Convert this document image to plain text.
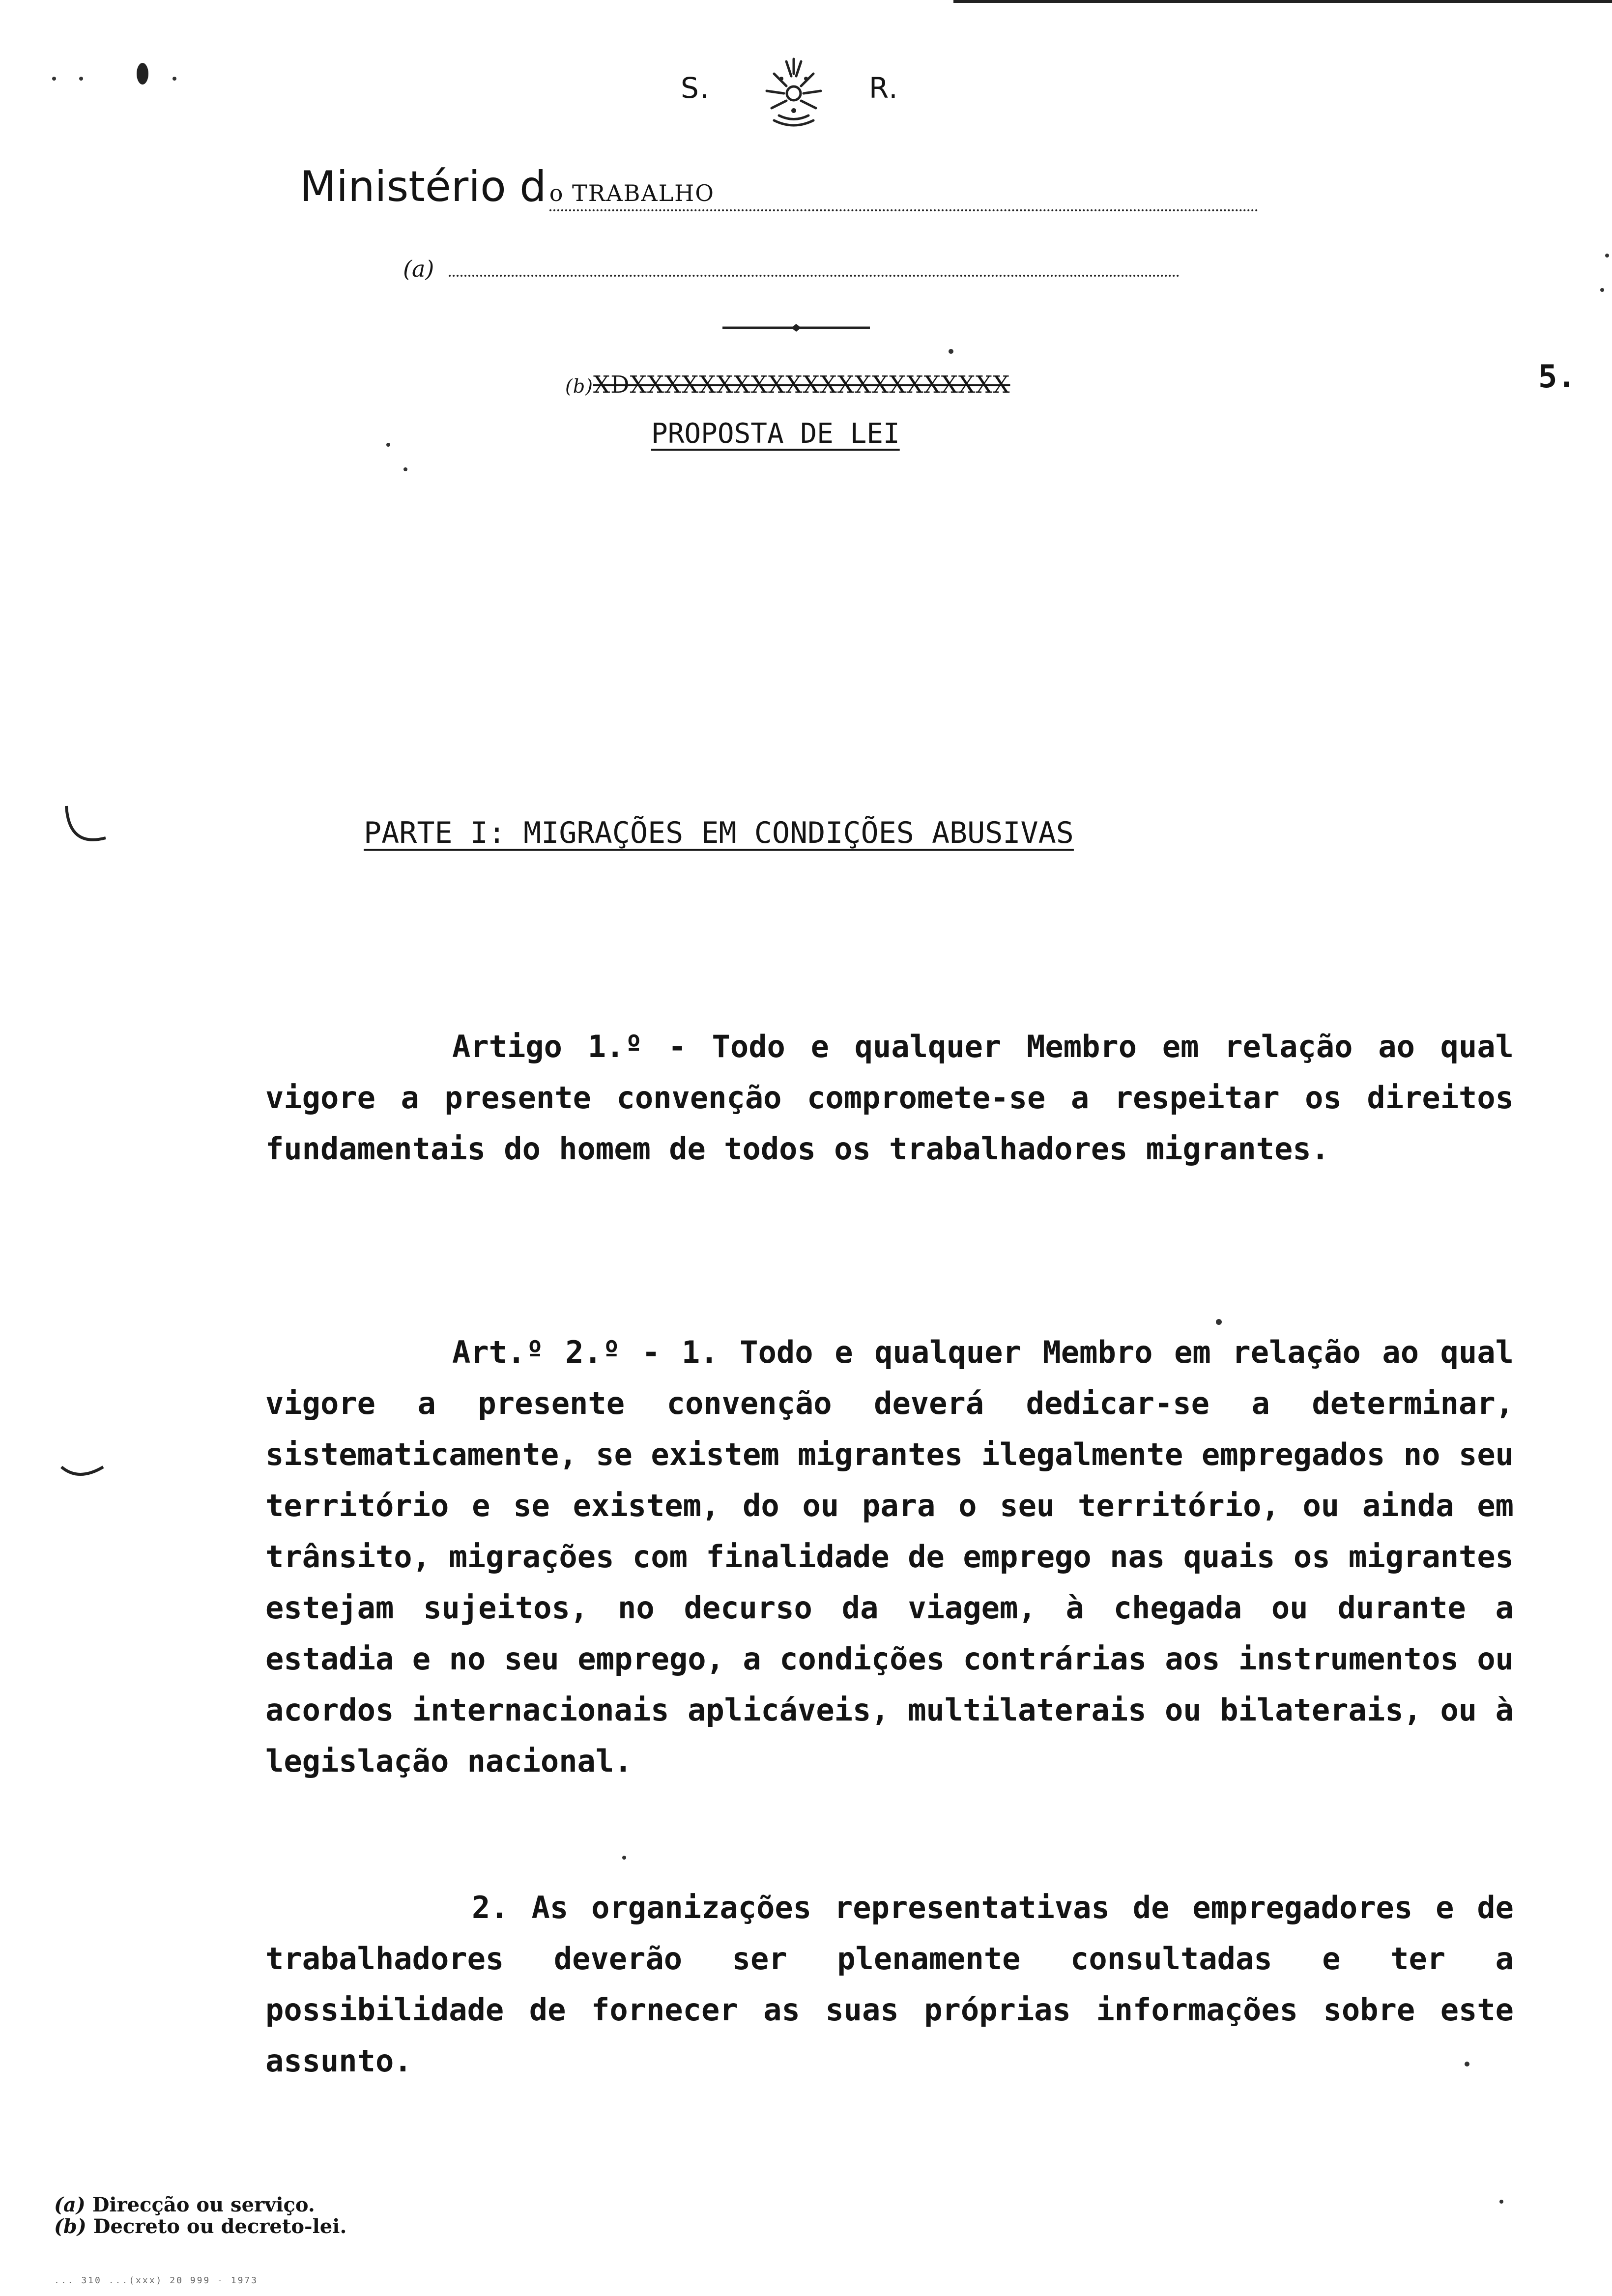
S.	R.
Ministério d o TRABALHO
(a)
(b)XDXXXXXXXXXXXXXXXXXXXXXX
PROPOSTA DE LEI
5.
PARTE I: MIGRAÇÕES EM CONDIÇÕES ABUSIVAS

Artigo 1.º - Todo e qualquer Membro em relação ao qual vigore a presente convenção compromete-se a respeitar os direitos fundamentais do homem de todos os trabalhadores migrantes.

Art.º 2.º - 1. Todo e qualquer Membro em relação ao qual vigore a presente convenção deverá dedicar-se a determinar, sistematicamente, se existem migrantes ilegalmente empregados no seu território e se existem, do ou para o seu território, ou ainda em trânsito, migrações com finalidade de emprego nas quais os migrantes estejam sujeitos, no decurso da viagem, à chegada ou durante a estadia e no seu emprego, a condições contrárias aos instrumentos ou acordos internacionais aplicáveis, multilaterais ou bilaterais, ou à legislação nacional.

2. As organizações representativas de empregadores e de trabalhadores deverão ser plenamente consultadas e ter a possibilidade de fornecer as suas próprias informações sobre este assunto.

(a) Direcção ou serviço.
(b) Decreto ou decreto-lei.
... 310 ...(xxx) 20 999 - 1973
